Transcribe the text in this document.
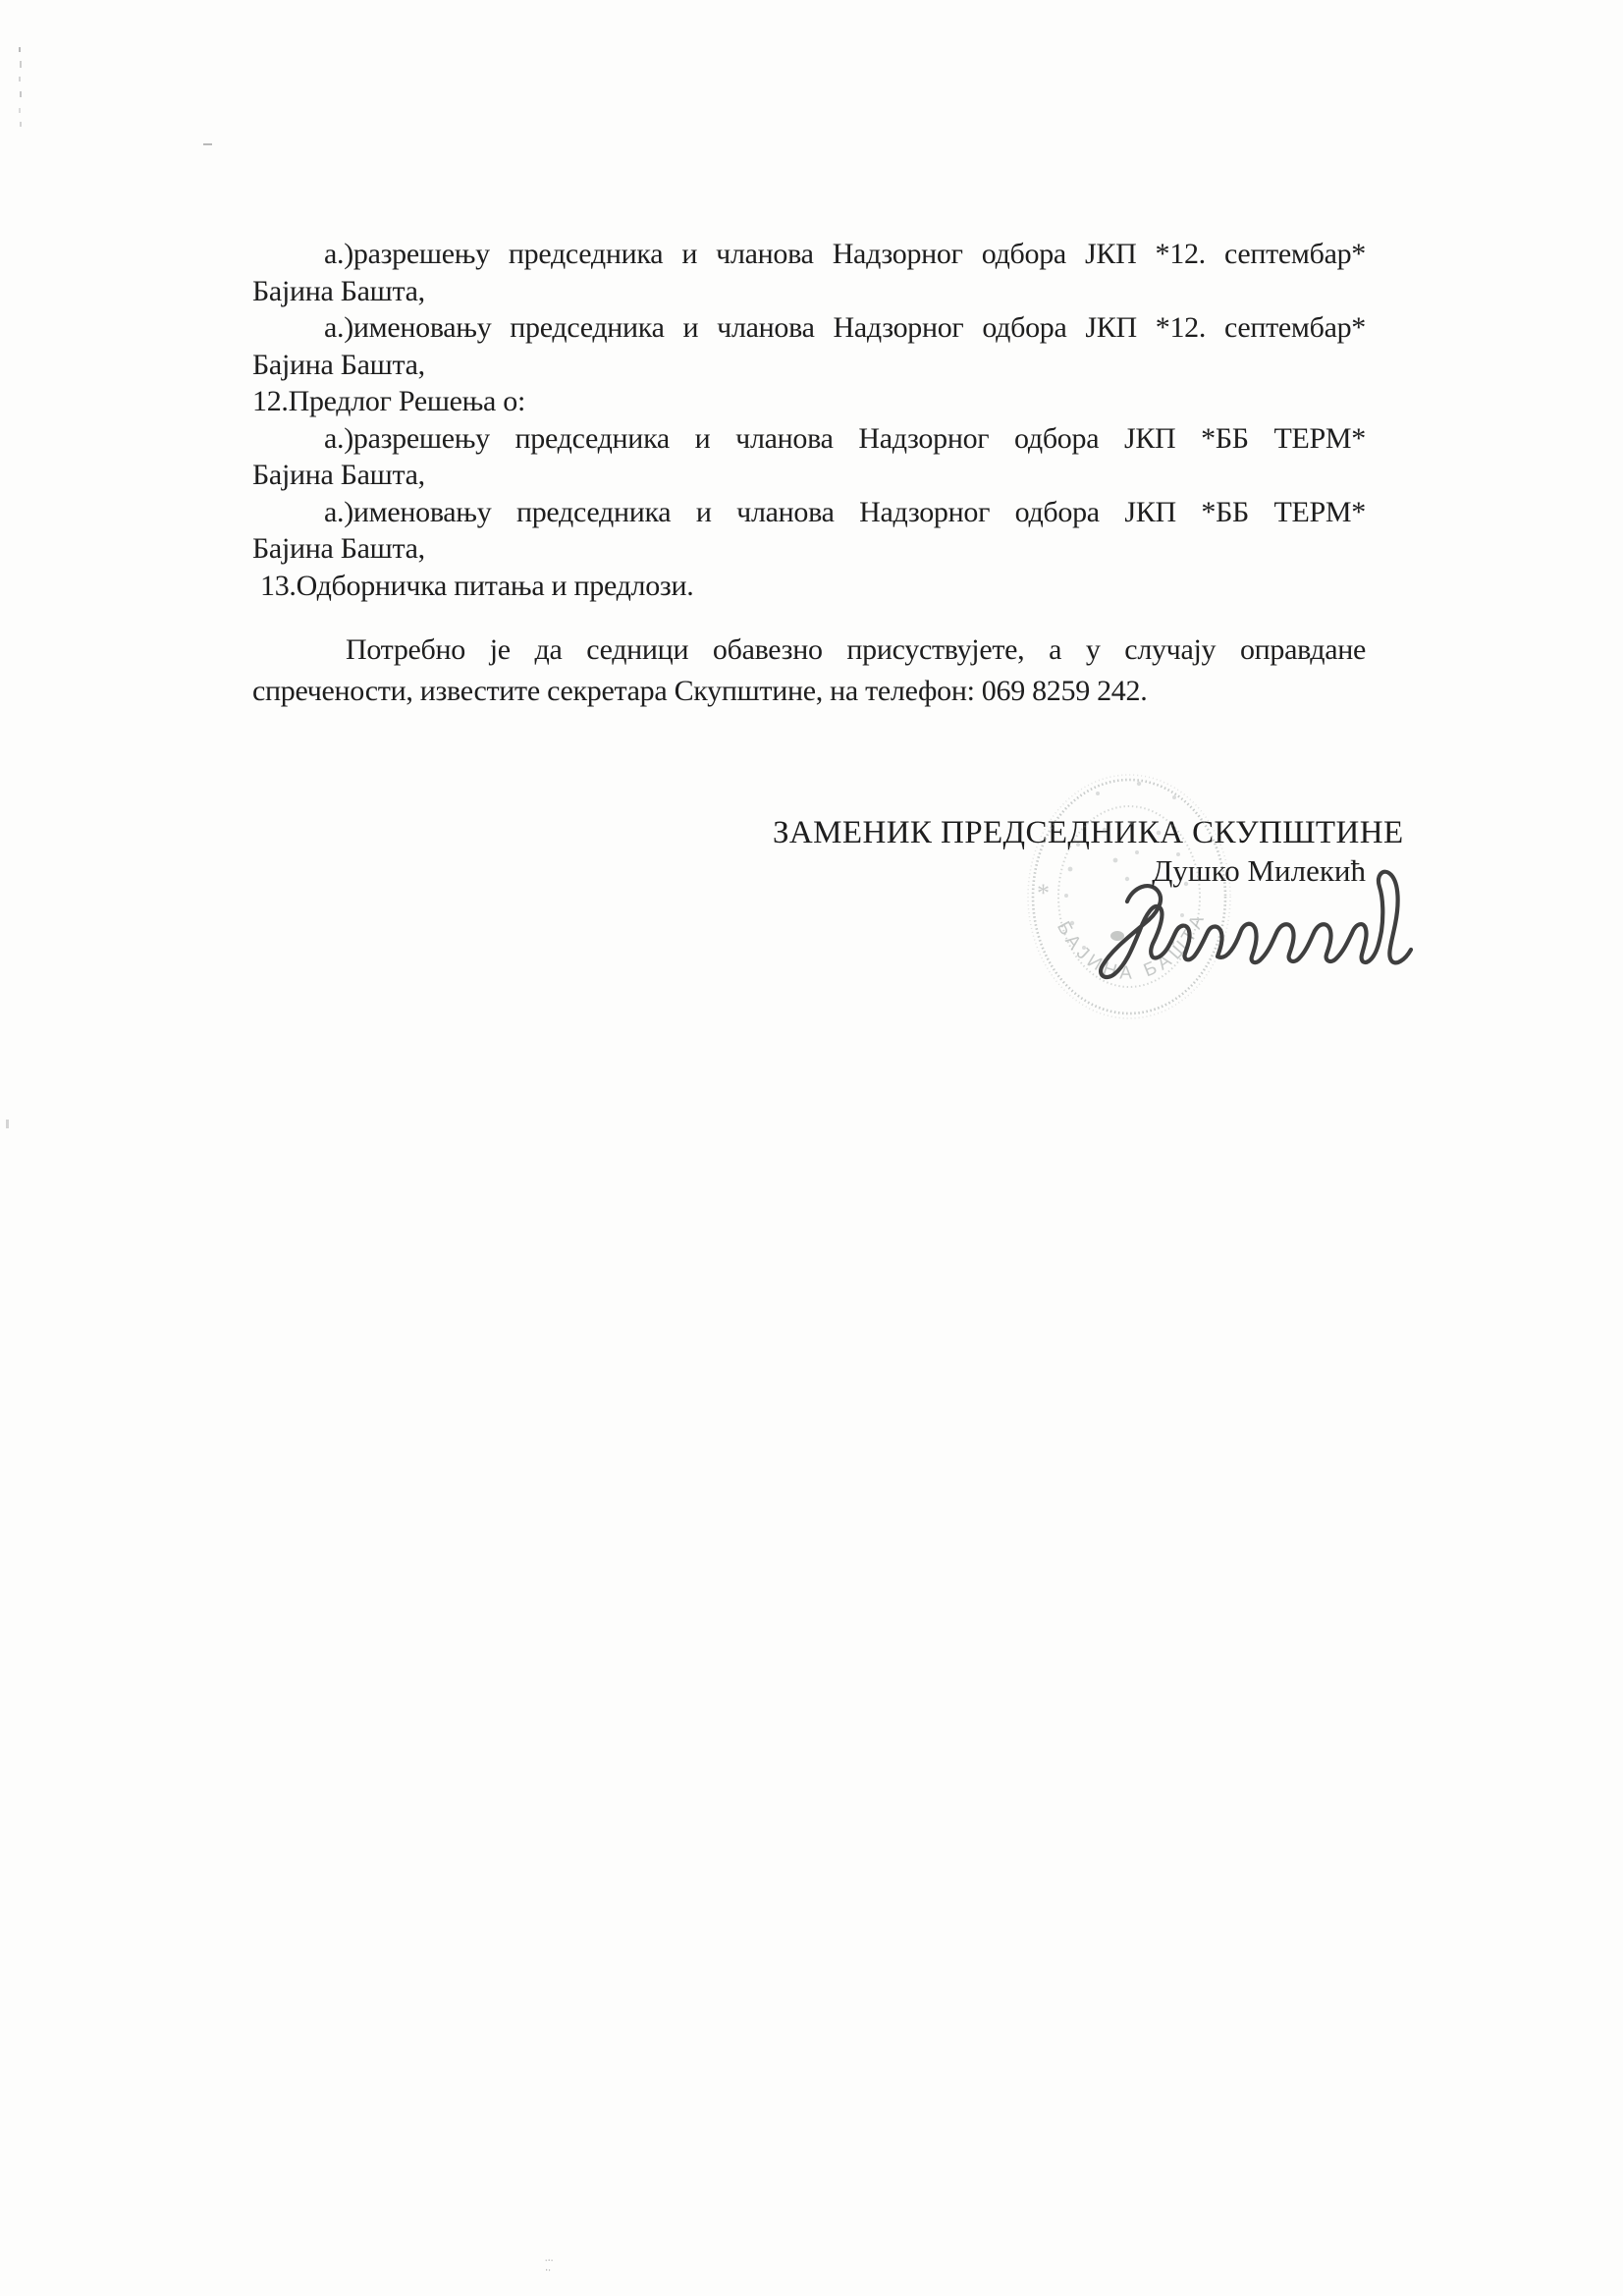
∙·∙
·∙
а.)разрешењу председника и чланова Надзорног одбора ЈКП *12. септембар*
Бајина Башта,
а.)именовању председника и чланова Надзорног одбора ЈКП *12. септембар*
Бајина Башта,
12.Предлог Решења о:
а.)разрешењу председника и чланова Надзорног одбора ЈКП *ББ ТЕРМ*
Бајина Башта,
а.)именовању председника и чланова Надзорног одбора ЈКП *ББ ТЕРМ*
Бајина Башта,
13.Одборничка питања и предлози.
Потребно је да седници обавезно присуствујете, а у случају оправдане
спречености, известите секретара Скупштине, на телефон: 069 8259 242.
ЗАМЕНИК ПРЕДСЕДНИКА СКУПШТИНЕ
Душко Милекић
БАЈИНА БАШТА
*
